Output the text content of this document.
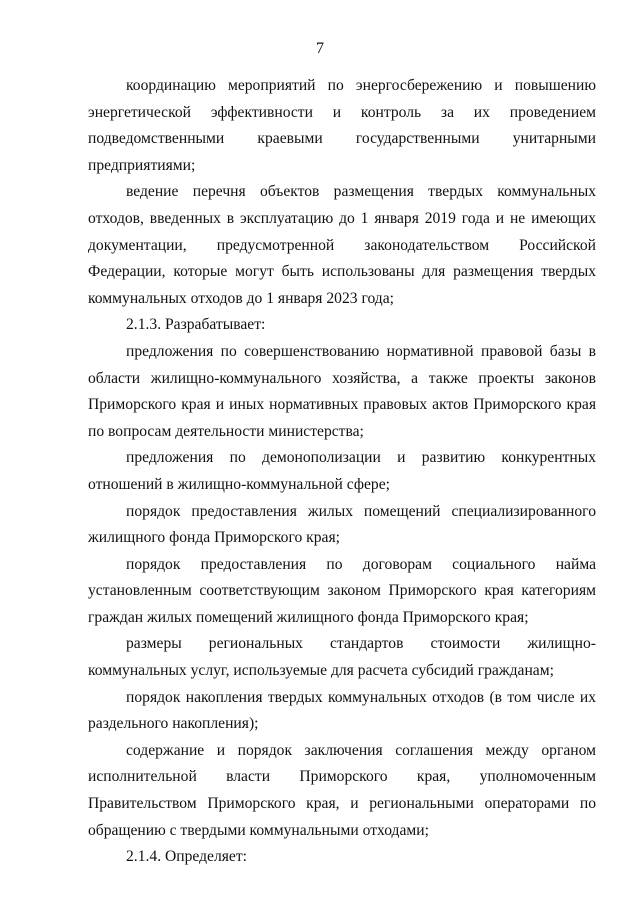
7

координацию мероприятий по энергосбережению и повышению энергетической эффективности и контроль за их проведением подведомственными краевыми государственными унитарными предприятиями;

ведение перечня объектов размещения твердых коммунальных отходов, введенных в эксплуатацию до 1 января 2019 года и не имеющих документации, предусмотренной законодательством Российской Федерации, которые могут быть использованы для размещения твердых коммунальных отходов до 1 января 2023 года;

2.1.3. Разрабатывает:

предложения по совершенствованию нормативной правовой базы в области жилищно-коммунального хозяйства, а также проекты законов Приморского края и иных нормативных правовых актов Приморского края по вопросам деятельности министерства;

предложения по демонополизации и развитию конкурентных отношений в жилищно-коммунальной сфере;

порядок предоставления жилых помещений специализированного жилищного фонда Приморского края;

порядок предоставления по договорам социального найма установленным соответствующим законом Приморского края категориям граждан жилых помещений жилищного фонда Приморского края;

размеры региональных стандартов стоимости жилищно-коммунальных услуг, используемые для расчета субсидий гражданам;

порядок накопления твердых коммунальных отходов (в том числе их раздельного накопления);

содержание и порядок заключения соглашения между органом исполнительной власти Приморского края, уполномоченным Правительством Приморского края, и региональными операторами по обращению с твердыми коммунальными отходами;

2.1.4. Определяет:
